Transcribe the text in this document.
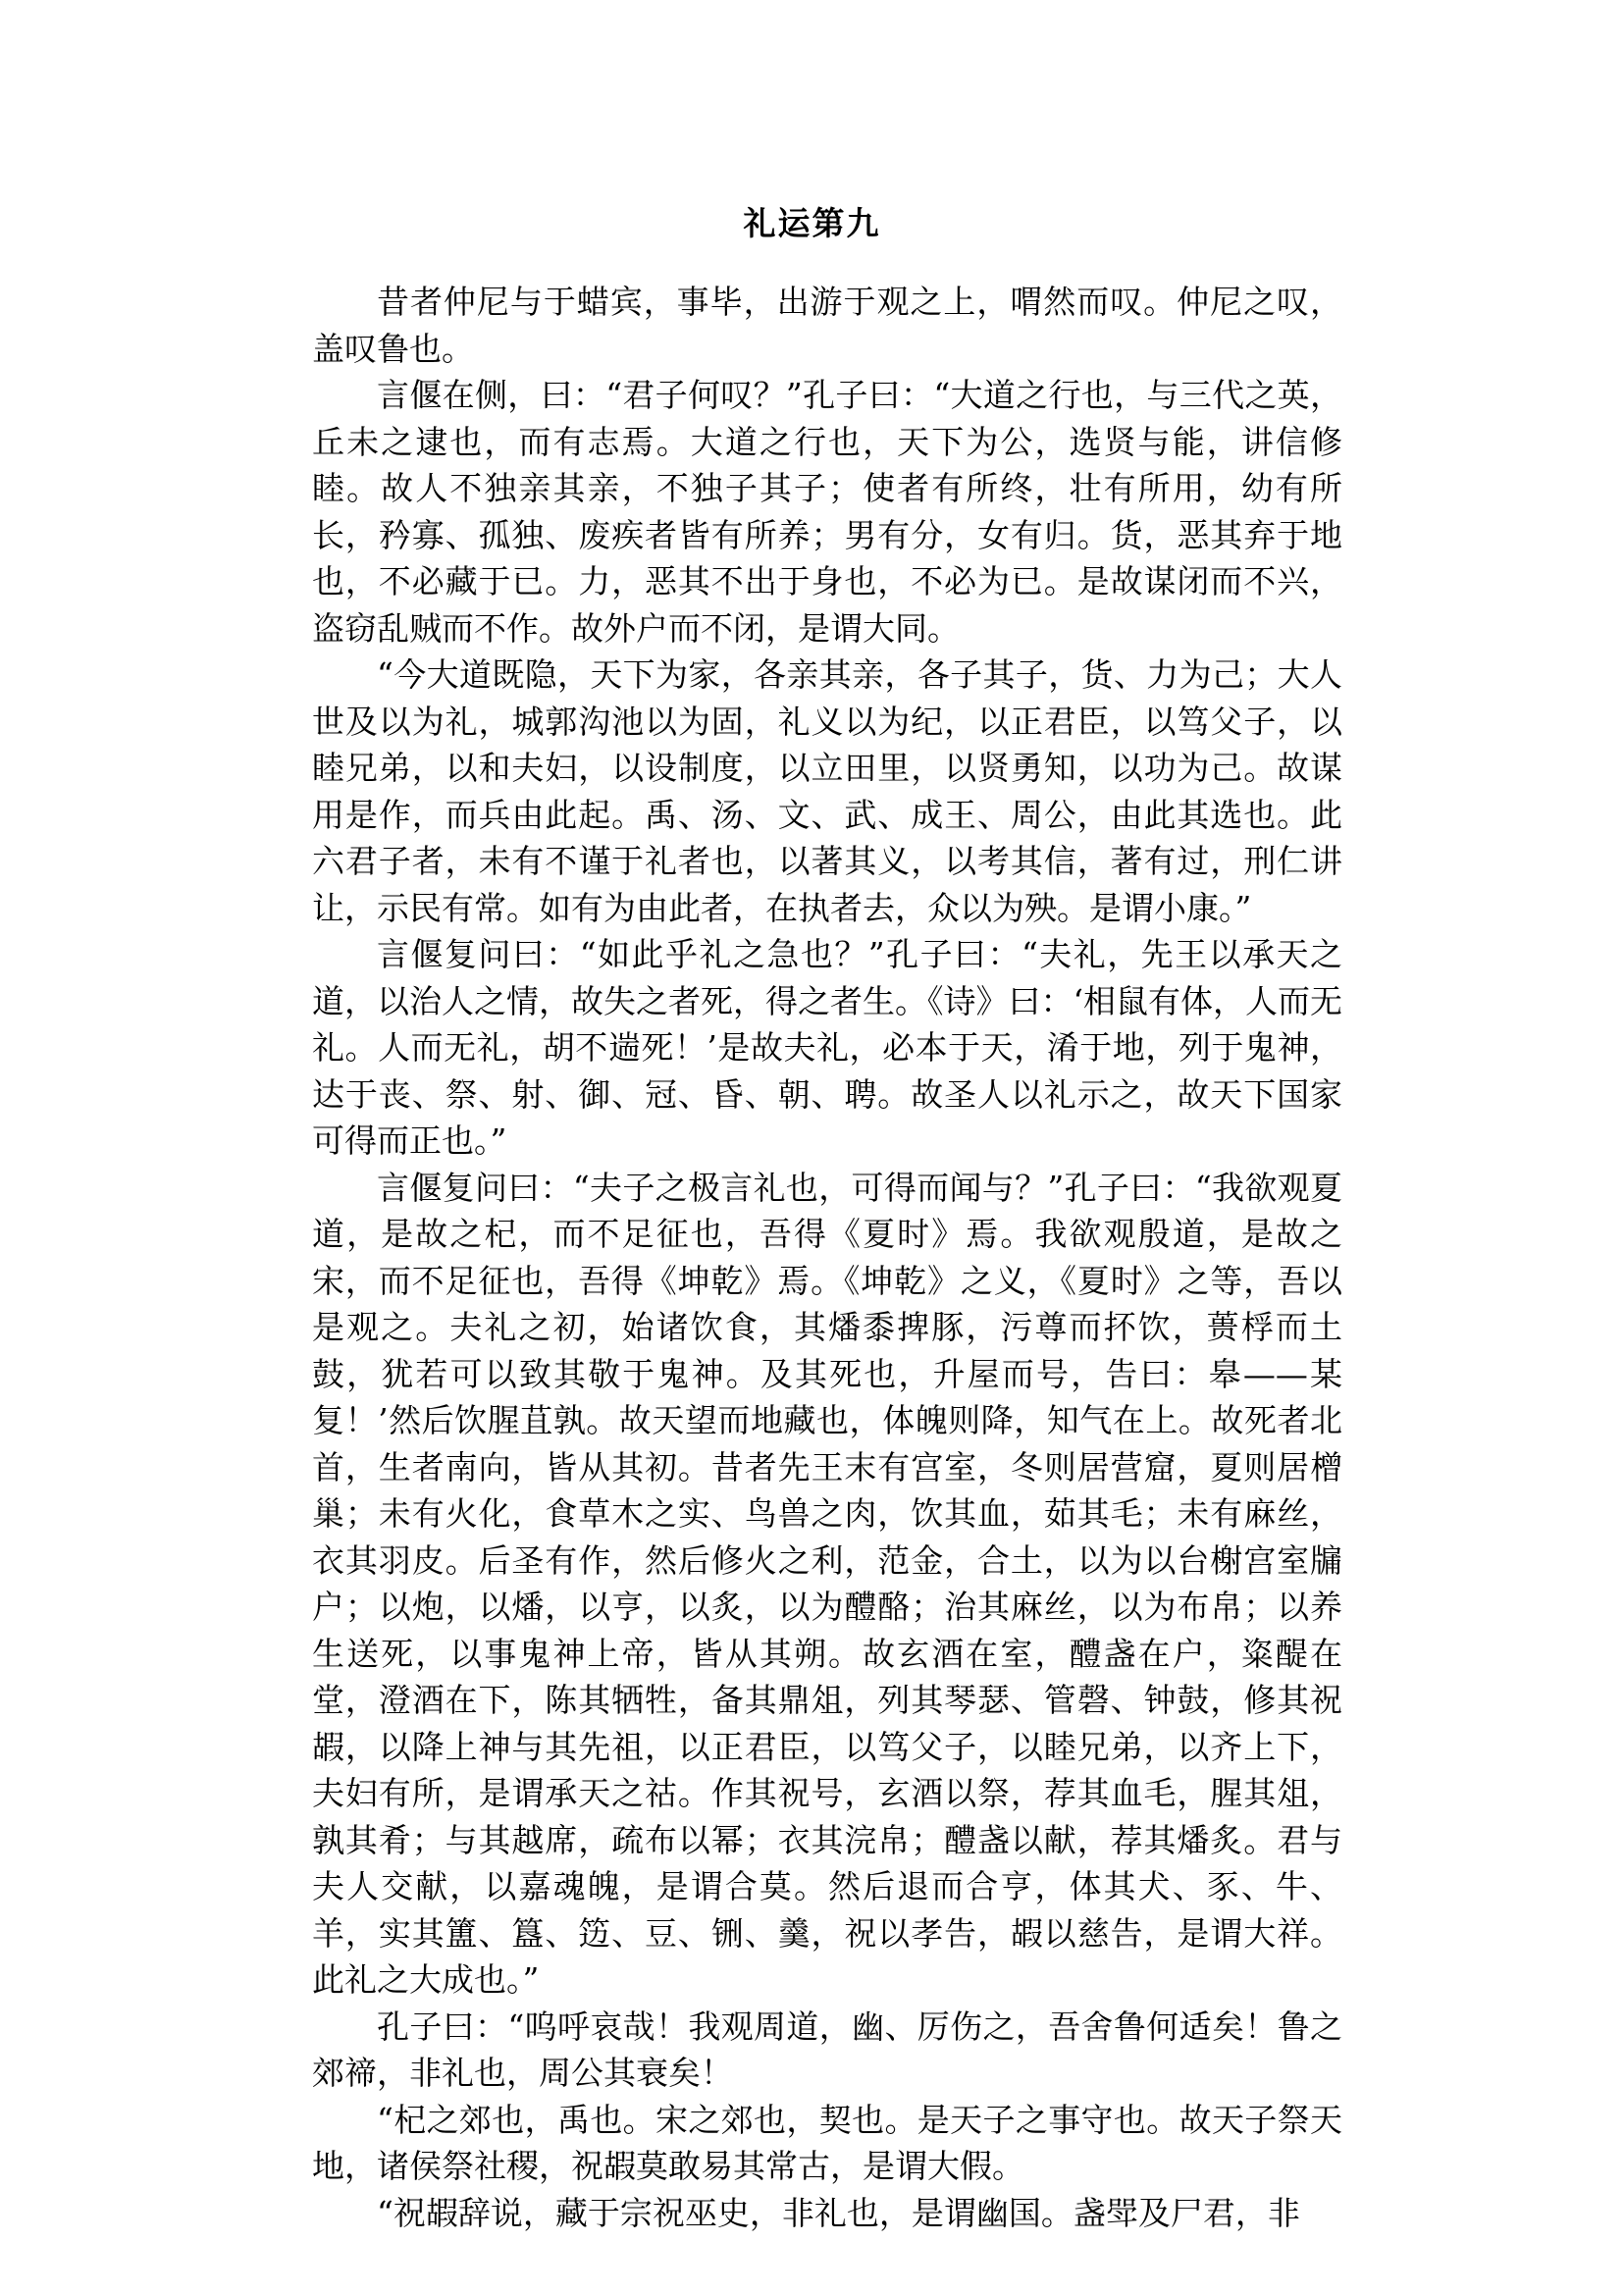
礼运第九

昔者仲尼与于蜡宾，事毕，出游于观之上，喟然而叹。仲尼之叹，盖叹鲁也。

言偃在侧，曰：“君子何叹？”孔子曰：“大道之行也，与三代之英，丘未之逮也，而有志焉。大道之行也，天下为公，选贤与能，讲信修睦。故人不独亲其亲，不独子其子；使者有所终，壮有所用，幼有所长，矜寡、孤独、废疾者皆有所养；男有分，女有归。货，恶其弃于地也，不必藏于已。力，恶其不出于身也，不必为已。是故谋闭而不兴，盗窃乱贼而不作。故外户而不闭，是谓大同。

“今大道既隐，天下为家，各亲其亲，各子其子，货、力为己；大人世及以为礼，城郭沟池以为固，礼义以为纪，以正君臣，以笃父子，以睦兄弟，以和夫妇，以设制度，以立田里，以贤勇知，以功为己。故谋用是作，而兵由此起。禹、汤、文、武、成王、周公，由此其选也。此六君子者，未有不谨于礼者也，以著其义，以考其信，著有过，刑仁讲让，示民有常。如有为由此者，在执者去，众以为殃。是谓小康。”

言偃复问曰：“如此乎礼之急也？”孔子曰：“夫礼，先王以承天之道，以治人之情，故失之者死，得之者生。《诗》曰：‘相鼠有体，人而无礼。人而无礼，胡不遄死！’是故夫礼，必本于天，淆于地，列于鬼神，达于丧、祭、射、御、冠、昏、朝、聘。故圣人以礼示之，故天下国家可得而正也。”

言偃复问曰：“夫子之极言礼也，可得而闻与？”孔子曰：“我欲观夏道，是故之杞，而不足征也，吾得《夏时》焉。我欲观殷道，是故之宋，而不足征也，吾得《坤乾》焉。《坤乾》之义，《夏时》之等，吾以是观之。夫礼之初，始诸饮食，其燔黍捭豚，污尊而抔饮，蒉桴而土鼓，犹若可以致其敬于鬼神。及其死也，升屋而号，告曰：皋——某复！’然后饮腥苴孰。故天望而地藏也，体魄则降，知气在上。故死者北首，生者南向，皆从其初。昔者先王末有宫室，冬则居营窟，夏则居橧巢；未有火化，食草木之实、鸟兽之肉，饮其血，茹其毛；未有麻丝，衣其羽皮。后圣有作，然后修火之利，范金，合土，以为以台榭宫室牖户；以炮，以燔，以亨，以炙，以为醴酪；治其麻丝，以为布帛；以养生送死，以事鬼神上帝，皆从其朔。故玄酒在室，醴盏在户，粢醍在堂，澄酒在下，陈其牺牲，备其鼎俎，列其琴瑟、管磬、钟鼓，修其祝嘏，以降上神与其先祖，以正君臣，以笃父子，以睦兄弟，以齐上下，夫妇有所，是谓承天之祜。作其祝号，玄酒以祭，荐其血毛，腥其俎，孰其肴；与其越席，疏布以幂；衣其浣帛；醴盏以献，荐其燔炙。君与夫人交献，以嘉魂魄，是谓合莫。然后退而合亨，体其犬、豕、牛、羊，实其簠、簋、笾、豆、铏、羹，祝以孝告，嘏以慈告，是谓大祥。此礼之大成也。”

孔子曰：“呜呼哀哉！我观周道，幽、厉伤之，吾舍鲁何适矣！鲁之郊禘，非礼也，周公其衰矣！

“杞之郊也，禹也。宋之郊也，契也。是天子之事守也。故天子祭天地，诸侯祭社稷，祝嘏莫敢易其常古，是谓大假。

“祝嘏辞说，藏于宗祝巫史，非礼也，是谓幽国。盏斝及尸君，非
